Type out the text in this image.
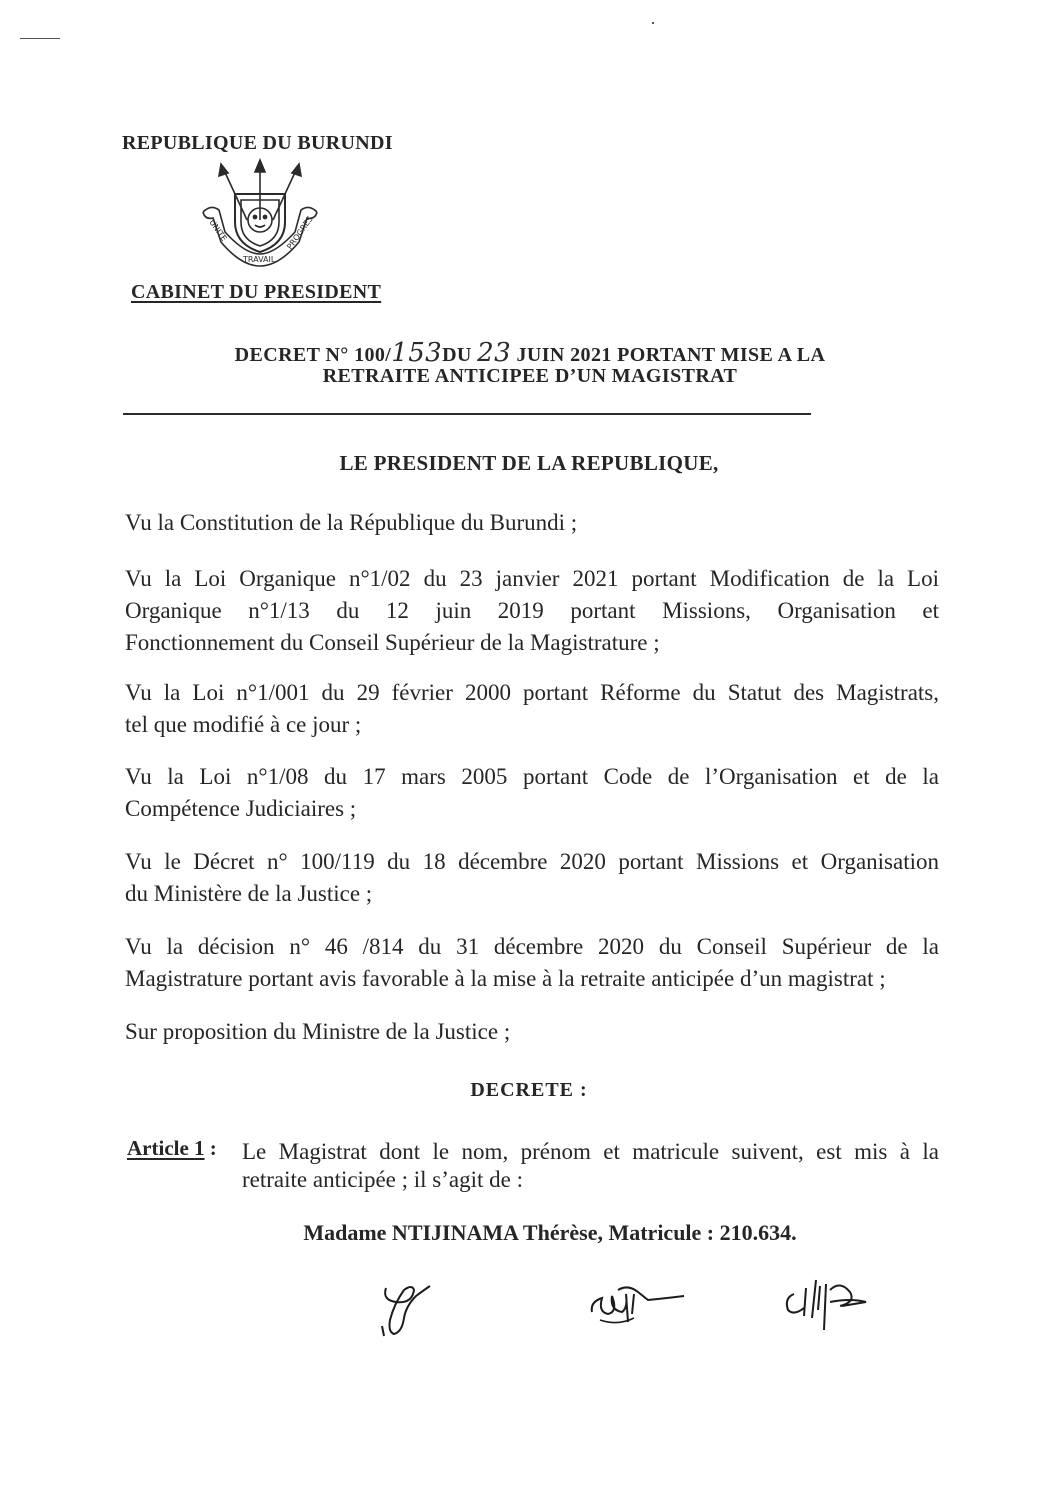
REPUBLIQUE DU BURUNDI
UNITE
TRAVAIL
PROGRES
CABINET DU PRESIDENT
DECRET N° 100/153DU 23 JUIN 2021 PORTANT MISE A LA
RETRAITE ANTICIPEE D’UN MAGISTRAT
LE PRESIDENT DE LA REPUBLIQUE,
Vu la Constitution de la République du Burundi ;
Vu la Loi Organique n°1/02 du 23 janvier 2021 portant Modification de la Loi
Organique n°1/13 du 12 juin 2019 portant Missions, Organisation et
Fonctionnement du Conseil Supérieur de la Magistrature ;
Vu la Loi n°1/001 du 29 février 2000 portant Réforme du Statut des Magistrats,
tel que modifié à ce jour ;
Vu la Loi n°1/08 du 17 mars 2005 portant Code de l’Organisation et de la
Compétence Judiciaires ;
Vu le Décret n° 100/119 du 18 décembre 2020 portant Missions et Organisation
du Ministère de la Justice ;
Vu la décision n° 46 /814 du 31 décembre 2020 du Conseil Supérieur de la
Magistrature portant avis favorable à la mise à la retraite anticipée d’un magistrat ;
Sur proposition du Ministre de la Justice ;
DECRETE :
Article 1 : Le Magistrat dont le nom, prénom et matricule suivent, est mis à la
retraite anticipée ; il s’agit de :
Madame NTIJINAMA Thérèse, Matricule : 210.634.
